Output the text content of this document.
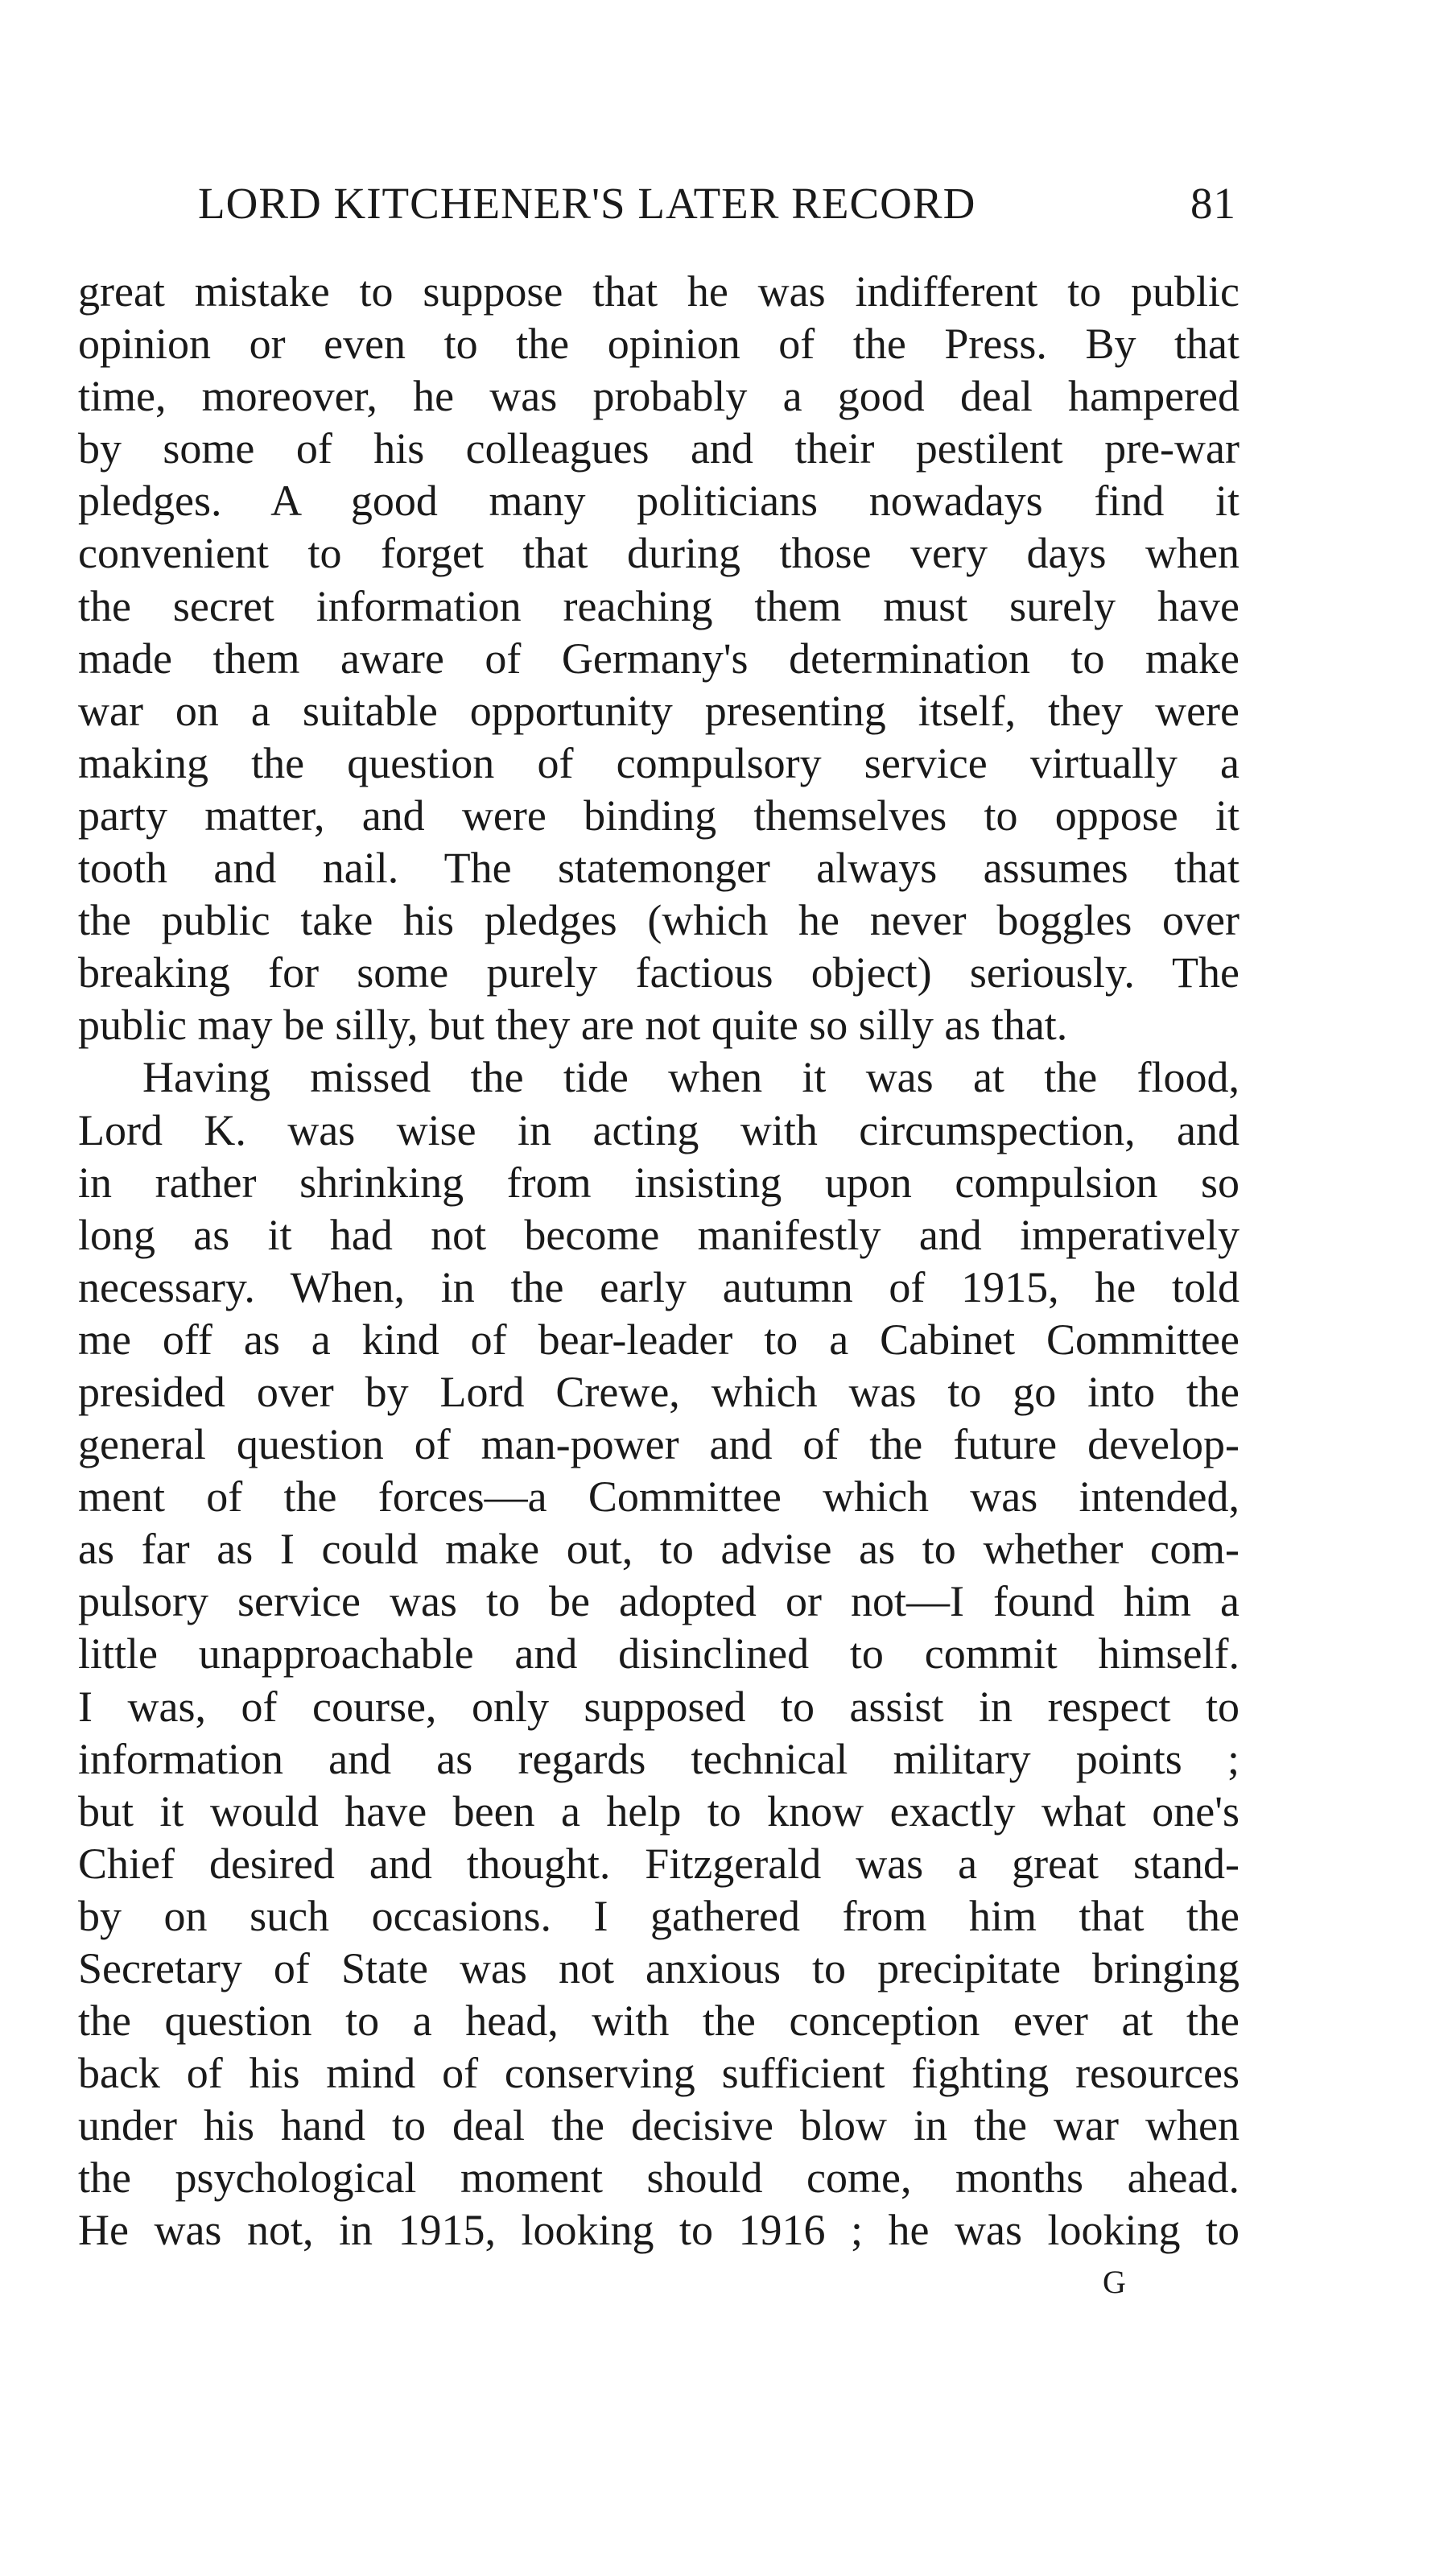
LORD KITCHENER'S LATER RECORD	81
great mistake to suppose that he was indifferent to public
opinion or even to the opinion of the Press. By that
time, moreover, he was probably a good deal hampered
by some of his colleagues and their pestilent pre-war
pledges. A good many politicians nowadays find it
convenient to forget that during those very days when
the secret information reaching them must surely have
made them aware of Germany's determination to make
war on a suitable opportunity presenting itself, they were
making the question of compulsory service virtually a
party matter, and were binding themselves to oppose it
tooth and nail. The statemonger always assumes that
the public take his pledges (which he never boggles over
breaking for some purely factious object) seriously. The
public may be silly, but they are not quite so silly as that.
Having missed the tide when it was at the flood,
Lord K. was wise in acting with circumspection, and
in rather shrinking from insisting upon compulsion so
long as it had not become manifestly and imperatively
necessary. When, in the early autumn of 1915, he told
me off as a kind of bear-leader to a Cabinet Committee
presided over by Lord Crewe, which was to go into the
general question of man-power and of the future develop-
ment of the forces—a Committee which was intended,
as far as I could make out, to advise as to whether com-
pulsory service was to be adopted or not—I found him a
little unapproachable and disinclined to commit himself.
I was, of course, only supposed to assist in respect to
information and as regards technical military points ;
but it would have been a help to know exactly what one's
Chief desired and thought. Fitzgerald was a great stand-
by on such occasions. I gathered from him that the
Secretary of State was not anxious to precipitate bringing
the question to a head, with the conception ever at the
back of his mind of conserving sufficient fighting resources
under his hand to deal the decisive blow in the war when
the psychological moment should come, months ahead.
He was not, in 1915, looking to 1916 ; he was looking to
G
